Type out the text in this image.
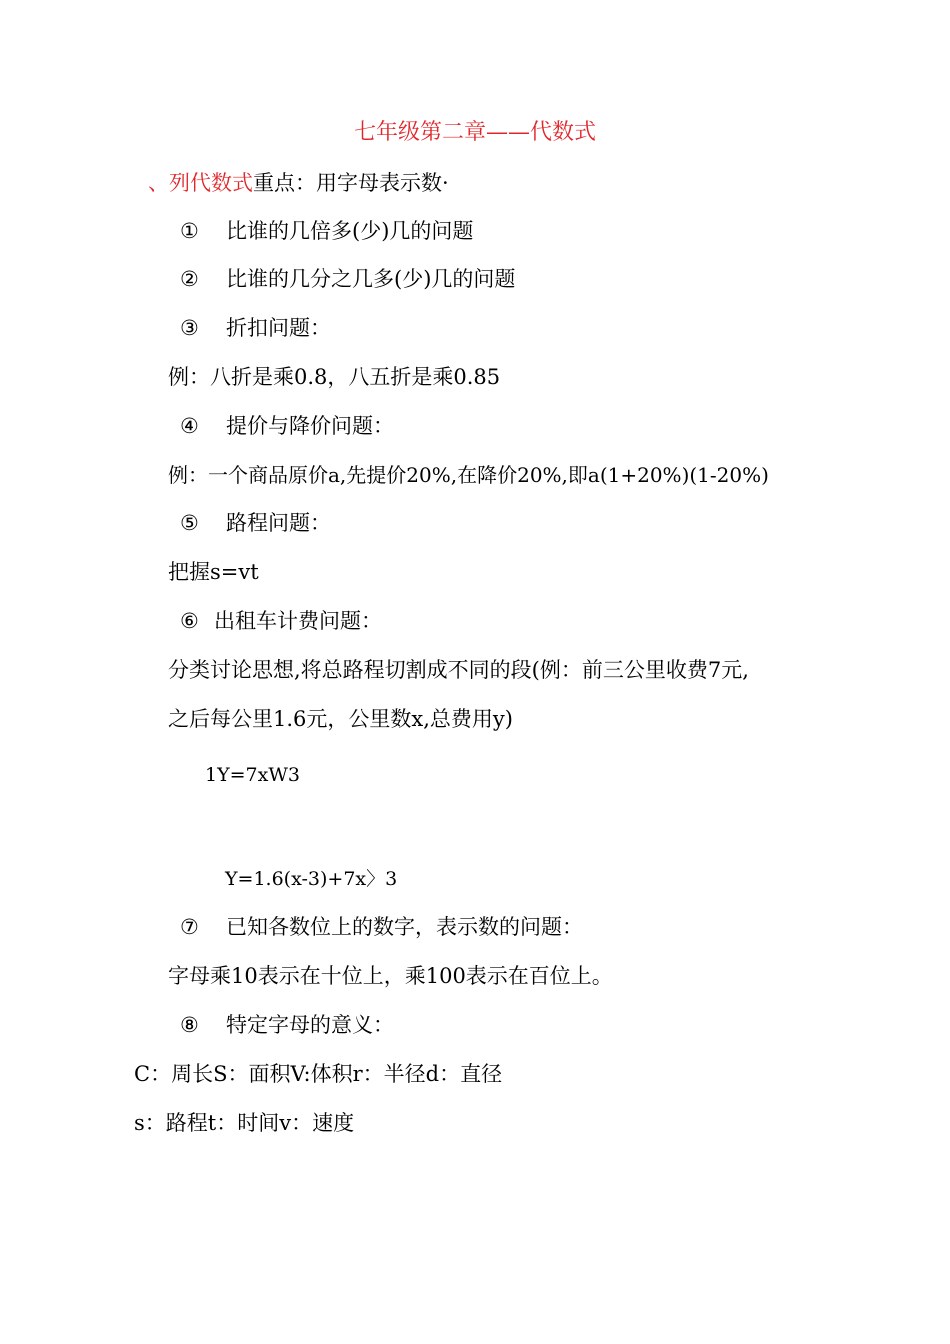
七年级第二章——代数式
、列代数式重点：用字母表示数·
① 比谁的几倍多(少)几的问题
② 比谁的几分之几多(少)几的问题
③ 折扣问题：
例：八折是乘0.8，八五折是乘0.85
④ 提价与降价问题：
例：一个商品原价a,先提价20%,在降价20%,即a(1+20%)(1-20%)
⑤ 路程问题：
把握s=vt
⑥ 出租车计费问题：
分类讨论思想,将总路程切割成不同的段(例：前三公里收费7元,
之后每公里1.6元，公里数x,总费用y)
1Y=7xW3
Y=1.6(x-3)+7x〉3
⑦ 已知各数位上的数字，表示数的问题：
字母乘10表示在十位上，乘100表示在百位上。
⑧ 特定字母的意义：
C：周长S：面积V:体积r：半径d：直径
s：路程t：时间v：速度
